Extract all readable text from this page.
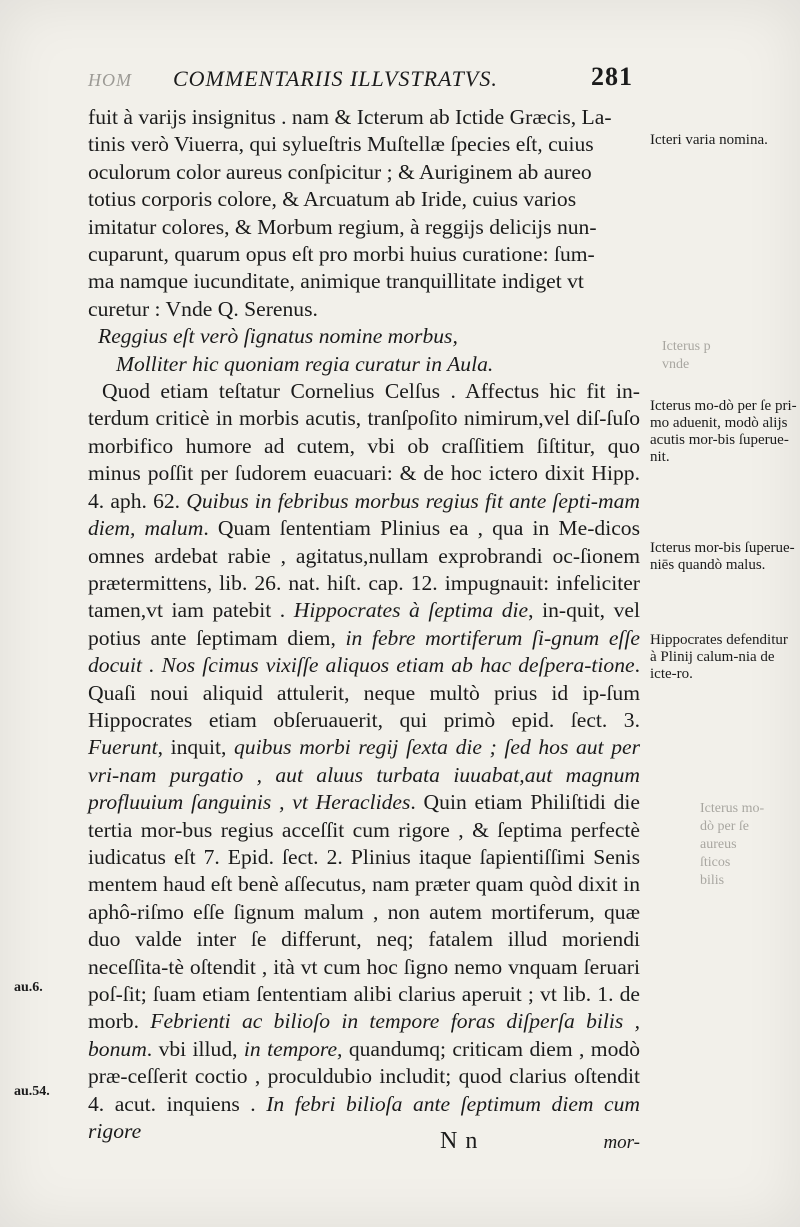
HOM COMMENTARIIS ILLVSTRATVS.	281

fuit à varijs insignitus . nam & Icterum ab Ictide Græcis, La-

tinis verò Viuerra, qui sylueſtris Muſtellæ ſpecies eſt, cuius

oculorum color aureus conſpicitur ; & Auriginem ab aureo

totius corporis colore, & Arcuatum ab Iride, cuius varios

imitatur colores, & Morbum regium, à reggijs delicijs nun-

cuparunt, quarum opus eſt pro morbi huius curatione: ſum-

ma namque iucunditate, animique tranquillitate indiget vt

curetur : Vnde Q. Serenus.

Reggius eſt verò ſignatus nomine morbus,

Molliter hic quoniam regia curatur in Aula.

Quod etiam teſtatur Cornelius Celſus . Affectus hic fit in-terdum criticè in morbis acutis, tranſpoſito nimirum,vel diſ-ſuſo morbifico humore ad cutem, vbi ob craſſitiem ſiſtitur, quo minus poſſit per ſudorem euacuari: & de hoc ictero dixit Hipp. 4. aph. 62. Quibus in febribus morbus regius fit ante ſepti-mam diem, malum. Quam ſententiam Plinius ea , qua in Me-dicos omnes ardebat rabie , agitatus,nullam exprobrandi oc-ſionem prætermittens, lib. 26. nat. hiſt. cap. 12. impugnauit: infeliciter tamen,vt iam patebit . Hippocrates à ſeptima die, in-quit, vel potius ante ſeptimam diem, in febre mortiferum ſi-gnum eſſe docuit . Nos ſcimus vixiſſe aliquos etiam ab hac deſpera-tione. Quaſi noui aliquid attulerit, neque multò prius id ip-ſum Hippocrates etiam obſeruauerit, qui primò epid. ſect. 3. Fuerunt, inquit, quibus morbi regij ſexta die ; ſed hos aut per vri-nam purgatio , aut aluus turbata iuuabat,aut magnum profluuium ſanguinis , vt Heraclides. Quin etiam Philiſtidi die tertia mor-bus regius acceſſit cum rigore , & ſeptima perfectè iudicatus eſt 7. Epid. ſect. 2. Plinius itaque ſapientiſſimi Senis mentem haud eſt benè aſſecutus, nam præter quam quòd dixit in aphô-riſmo eſſe ſignum malum , non autem mortiferum, quæ duo valde inter ſe differunt, neq; fatalem illud moriendi neceſſita-tè oſtendit , ità vt cum hoc ſigno nemo vnquam ſeruari poſ-ſit; ſuam etiam ſententiam alibi clarius aperuit ; vt lib. 1. de morb. Febrienti ac bilioſo in tempore foras diſperſa bilis , bonum. vbi illud, in tempore, quandumq; criticam diem , modò præ-ceſſerit coctio , proculdubio includit; quod clarius oſtendit 4. acut. inquiens . In febri bilioſa ante ſeptimum diem cum rigore	N n	mor-
Icteri varia nomina.
Icterus mo-dò per ſe pri-mo aduenit, modò alijs acutis mor-bis ſuperue-nit.
Icterus mor-bis ſuperue-niēs quandò malus.
Hippocrates defenditur à Plinij calum-nia de icte-ro.
au.6.
au.54.
Icterus p
vnde
Icterus mo-
dò per ſe
aureus
ſticos
bilis
